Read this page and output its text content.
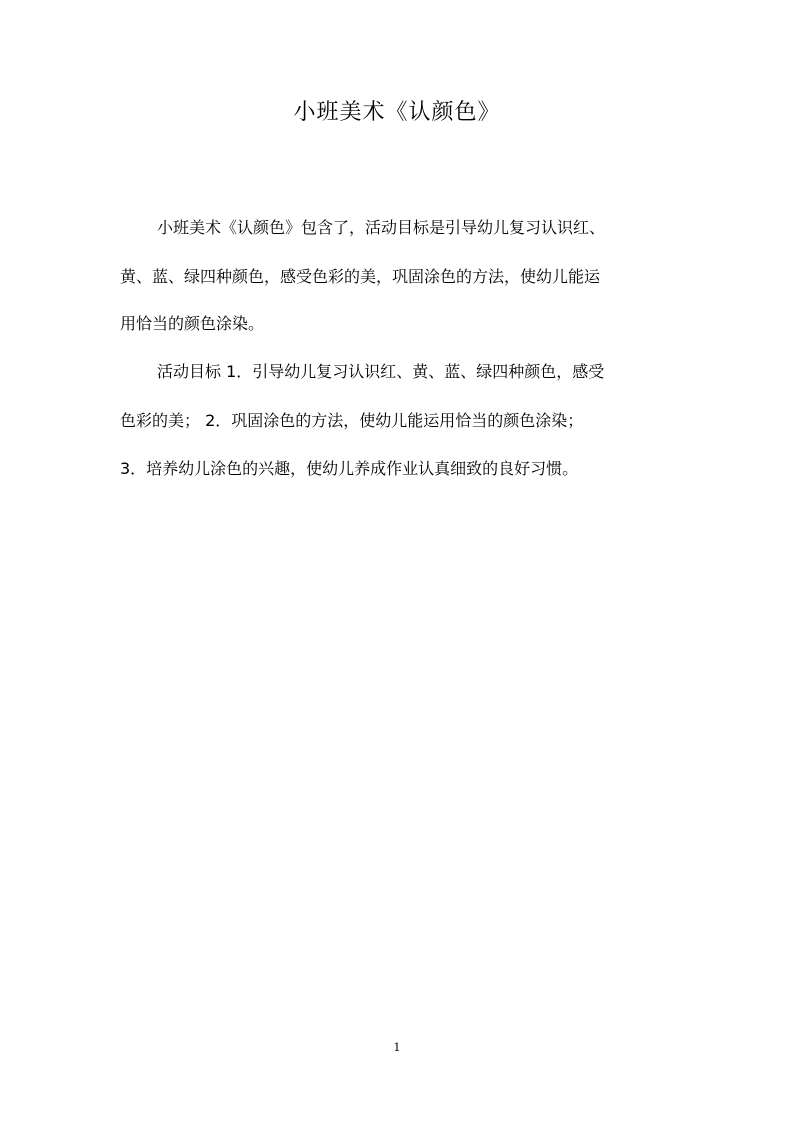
小班美术《认颜色》

小班美术《认颜色》包含了，活动目标是引导幼儿复习认识红、

黄、蓝、绿四种颜色，感受色彩的美，巩固涂色的方法，使幼儿能运

用恰当的颜色涂染。

活动目标 1．引导幼儿复习认识红、黄、蓝、绿四种颜色，感受

色彩的美； 2．巩固涂色的方法，使幼儿能运用恰当的颜色涂染；

3．培养幼儿涂色的兴趣，使幼儿养成作业认真细致的良好习惯。

1
